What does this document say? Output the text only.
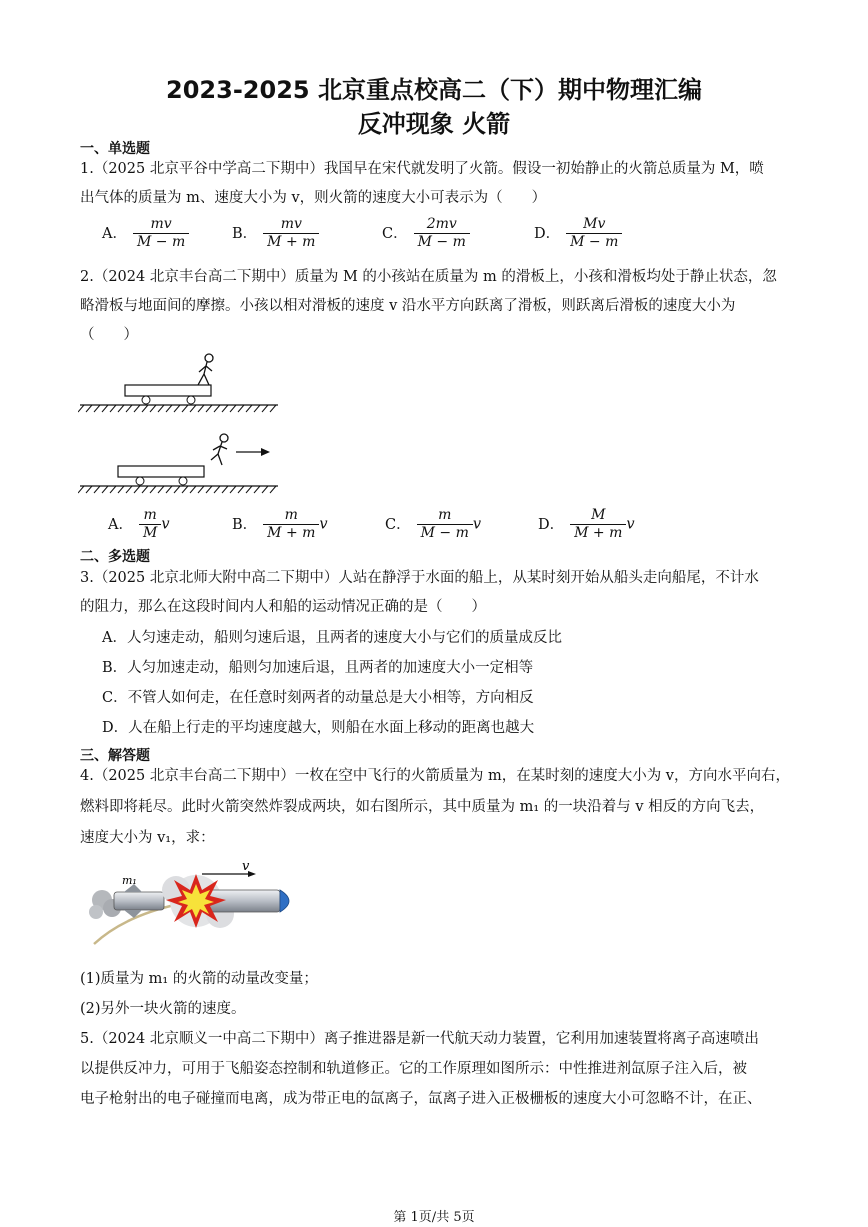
2023-2025 北京重点校高二（下）期中物理汇编
反冲现象 火箭
一、单选题
1.（2025 北京平谷中学高二下期中）我国早在宋代就发明了火箭。假设一初始静止的火箭总质量为 M，喷
出气体的质量为 m、速度大小为 v，则火箭的速度大小可表示为（　　）
A． $\frac{mv}{M - m}$	B． $\frac{mv}{M + m}$	C． $\frac{2mv}{M - m}$	D． $\frac{Mv}{M - m}$
2.（2024 北京丰台高二下期中）质量为 M 的小孩站在质量为 m 的滑板上，小孩和滑板均处于静止状态，忽
略滑板与地面间的摩擦。小孩以相对滑板的速度 v 沿水平方向跃离了滑板，则跃离后滑板的速度大小为
（　　）
A． $\frac{m}{M}$ v	B． $\frac{m}{M + m}$ v	C． $\frac{m}{M - m}$ v	D． $\frac{M}{M + m}$ v
二、多选题
3.（2025 北京北师大附中高二下期中）人站在静浮于水面的船上，从某时刻开始从船头走向船尾，不计水
的阻力，那么在这段时间内人和船的运动情况正确的是（　　）
A．人匀速走动，船则匀速后退，且两者的速度大小与它们的质量成反比
B．人匀加速走动，船则匀加速后退，且两者的加速度大小一定相等
C．不管人如何走，在任意时刻两者的动量总是大小相等，方向相反
D．人在船上行走的平均速度越大，则船在水面上移动的距离也越大
三、解答题
4.（2025 北京丰台高二下期中）一枚在空中飞行的火箭质量为 m，在某时刻的速度大小为 v，方向水平向右，
燃料即将耗尽。此时火箭突然炸裂成两块，如右图所示，其中质量为 m₁ 的一块沿着与 v 相反的方向飞去，
速度大小为 v₁，求：
v
m₁
(1)质量为 m₁ 的火箭的动量改变量；
(2)另外一块火箭的速度。
5.（2024 北京顺义一中高二下期中）离子推进器是新一代航天动力装置，它利用加速装置将离子高速喷出
以提供反冲力，可用于飞船姿态控制和轨道修正。它的工作原理如图所示：中性推进剂氙原子注入后，被
电子枪射出的电子碰撞而电离，成为带正电的氙离子，氙离子进入正极栅板的速度大小可忽略不计，在正、
第 1页/共 5页
